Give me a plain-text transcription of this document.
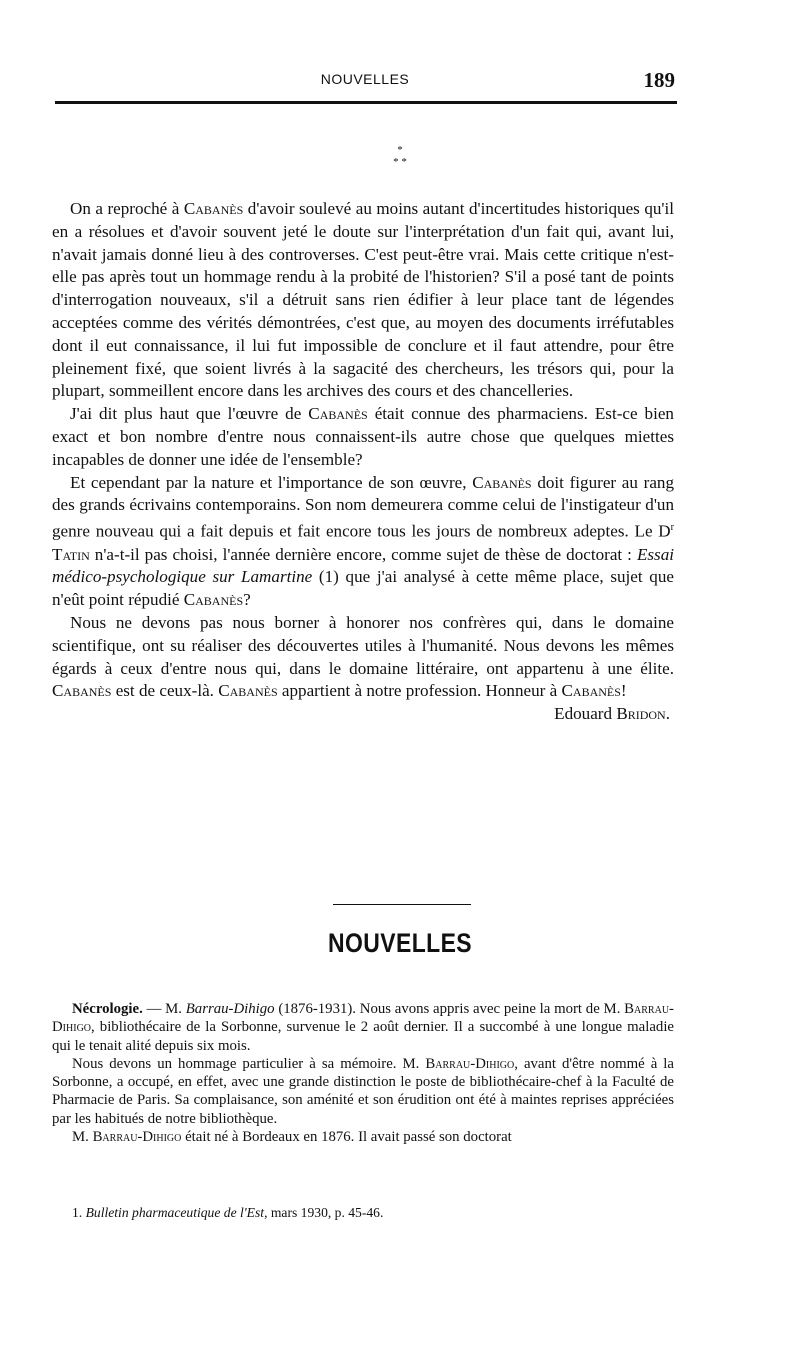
NOUVELLES	189
*
* *

On a reproché à Cabanès d'avoir soulevé au moins autant d'incertitudes historiques qu'il en a résolues et d'avoir souvent jeté le doute sur l'interprétation d'un fait qui, avant lui, n'avait jamais donné lieu à des controverses. C'est peut-être vrai. Mais cette critique n'est-elle pas après tout un hommage rendu à la probité de l'historien? S'il a posé tant de points d'interrogation nouveaux, s'il a détruit sans rien édifier à leur place tant de légendes acceptées comme des vérités démontrées, c'est que, au moyen des documents irréfutables dont il eut connaissance, il lui fut impossible de conclure et il faut attendre, pour être pleinement fixé, que soient livrés à la sagacité des chercheurs, les trésors qui, pour la plupart, sommeillent encore dans les archives des cours et des chancelleries.

J'ai dit plus haut que l'œuvre de Cabanès était connue des pharmaciens. Est-ce bien exact et bon nombre d'entre nous connaissent-ils autre chose que quelques miettes incapables de donner une idée de l'ensemble?

Et cependant par la nature et l'importance de son œuvre, Cabanès doit figurer au rang des grands écrivains contemporains. Son nom demeurera comme celui de l'instigateur d'un genre nouveau qui a fait depuis et fait encore tous les jours de nombreux adeptes. Le $D^r$ Tatin n'a-t-il pas choisi, l'année dernière encore, comme sujet de thèse de doctorat : Essai médico-psychologique sur Lamartine (1) que j'ai analysé à cette même place, sujet que n'eût point répudié Cabanès?

Nous ne devons pas nous borner à honorer nos confrères qui, dans le domaine scientifique, ont su réaliser des découvertes utiles à l'humanité. Nous devons les mêmes égards à ceux d'entre nous qui, dans le domaine littéraire, ont appartenu à une élite. Cabanès est de ceux-là. Cabanès appartient à notre profession. Honneur à Cabanès!

Edouard Bridon.

NOUVELLES

Nécrologie. — M. Barrau-Dihigo (1876-1931). Nous avons appris avec peine la mort de M. Barrau-Dihigo, bibliothécaire de la Sorbonne, survenue le 2 août dernier. Il a succombé à une longue maladie qui le tenait alité depuis six mois.

Nous devons un hommage particulier à sa mémoire. M. Barrau-Dihigo, avant d'être nommé à la Sorbonne, a occupé, en effet, avec une grande distinction le poste de bibliothécaire-chef à la Faculté de Pharmacie de Paris. Sa complaisance, son aménité et son érudition ont été à maintes reprises appréciées par les habitués de notre bibliothèque.

M. Barrau-Dihigo était né à Bordeaux en 1876. Il avait passé son doctorat

1. Bulletin pharmaceutique de l'Est, mars 1930, p. 45-46.
